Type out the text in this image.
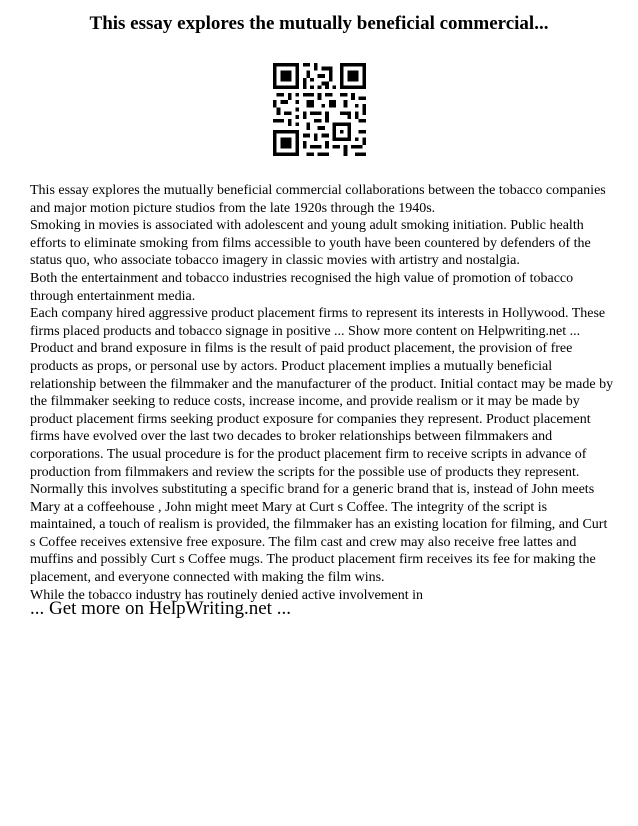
This essay explores the mutually beneficial commercial...

This essay explores the mutually beneficial commercial collaborations between the tobacco companies and major motion picture studios from the late 1920s through the 1940s.

Smoking in movies is associated with adolescent and young adult smoking initiation. Public health efforts to eliminate smoking from films accessible to youth have been countered by defenders of the status quo, who associate tobacco imagery in classic movies with artistry and nostalgia.

Both the entertainment and tobacco industries recognised the high value of promotion of tobacco through entertainment media.

Each company hired aggressive product placement firms to represent its interests in Hollywood. These firms placed products and tobacco signage in positive ... Show more content on Helpwriting.net ... Product and brand exposure in films is the result of paid product placement, the provision of free products as props, or personal use by actors. Product placement implies a mutually beneficial relationship between the filmmaker and the manufacturer of the product. Initial contact may be made by the filmmaker seeking to reduce costs, increase income, and provide realism or it may be made by product placement firms seeking product exposure for companies they represent. Product placement firms have evolved over the last two decades to broker relationships between filmmakers and corporations. The usual procedure is for the product placement firm to receive scripts in advance of production from filmmakers and review the scripts for the possible use of products they represent. Normally this involves substituting a specific brand for a generic brand that is, instead of John meets Mary at a coffeehouse , John might meet Mary at Curt s Coffee. The integrity of the script is maintained, a touch of realism is provided, the filmmaker has an existing location for filming, and Curt s Coffee receives extensive free exposure. The film cast and crew may also receive free lattes and muffins and possibly Curt s Coffee mugs. The product placement firm receives its fee for making the placement, and everyone connected with making the film wins.

While the tobacco industry has routinely denied active involvement in

... Get more on HelpWriting.net ...
